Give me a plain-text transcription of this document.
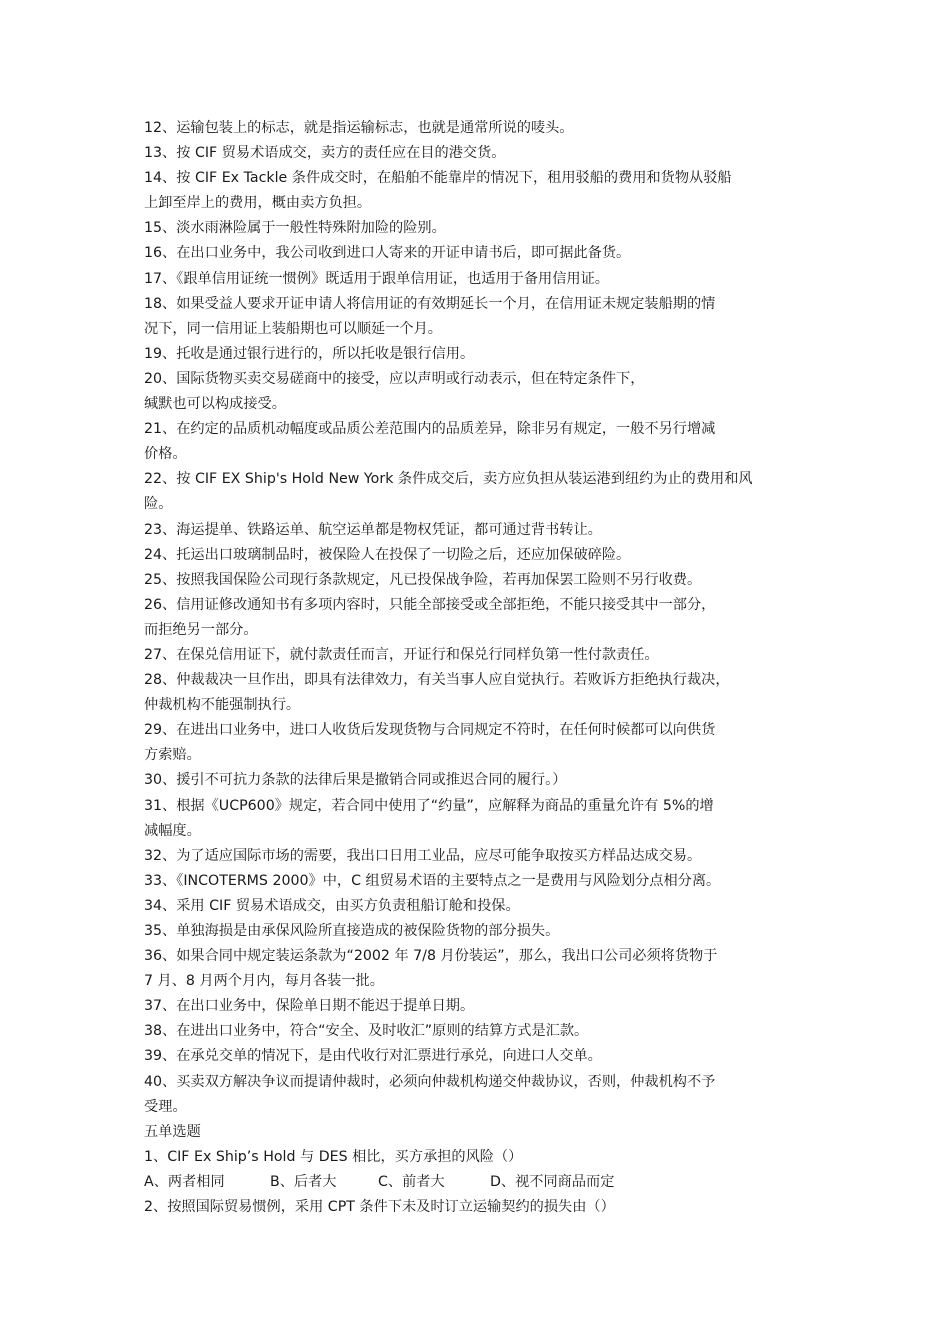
12、运输包装上的标志，就是指运输标志，也就是通常所说的唛头。
13、按 CIF 贸易术语成交，卖方的责任应在目的港交货。
14、按 CIF Ex Tackle 条件成交时，在船舶不能靠岸的情况下，租用驳船的费用和货物从驳船
上卸至岸上的费用，概由卖方负担。
15、淡水雨淋险属于一般性特殊附加险的险别。
16、在出口业务中，我公司收到进口人寄来的开证申请书后，即可据此备货。
17、《跟单信用证统一惯例》既适用于跟单信用证，也适用于备用信用证。
18、如果受益人要求开证申请人将信用证的有效期延长一个月，在信用证未规定装船期的情
况下，同一信用证上装船期也可以顺延一个月。
19、托收是通过银行进行的，所以托收是银行信用。
20、国际货物买卖交易磋商中的接受，应以声明或行动表示，但在特定条件下，
缄默也可以构成接受。
21、在约定的品质机动幅度或品质公差范围内的品质差异，除非另有规定，一般不另行增减
价格。
22、按 CIF EX Ship's Hold New York 条件成交后，卖方应负担从装运港到纽约为止的费用和风
险。
23、海运提单、铁路运单、航空运单都是物权凭证，都可通过背书转让。
24、托运出口玻璃制品时，被保险人在投保了一切险之后，还应加保破碎险。
25、按照我国保险公司现行条款规定，凡已投保战争险，若再加保罢工险则不另行收费。
26、信用证修改通知书有多项内容时，只能全部接受或全部拒绝，不能只接受其中一部分，
而拒绝另一部分。
27、在保兑信用证下，就付款责任而言，开证行和保兑行同样负第一性付款责任。
28、仲裁裁决一旦作出，即具有法律效力，有关当事人应自觉执行。若败诉方拒绝执行裁决，
仲裁机构不能强制执行。
29、在进出口业务中，进口人收货后发现货物与合同规定不符时，在任何时候都可以向供货
方索赔。
30、援引不可抗力条款的法律后果是撤销合同或推迟合同的履行。）
31、根据《UCP600》规定，若合同中使用了“约量”，应解释为商品的重量允许有 5%的增
减幅度。
32、为了适应国际市场的需要，我出口日用工业品，应尽可能争取按买方样品达成交易。
33、《INCOTERMS 2000》中，C 组贸易术语的主要特点之一是费用与风险划分点相分离。
34、采用 CIF 贸易术语成交，由买方负责租船订舱和投保。
35、单独海损是由承保风险所直接造成的被保险货物的部分损失。
36、如果合同中规定装运条款为“2002 年 7/8 月份装运”，那么，我出口公司必须将货物于
7 月、8 月两个月内，每月各装一批。
37、在出口业务中，保险单日期不能迟于提单日期。
38、在进出口业务中，符合“安全、及时收汇”原则的结算方式是汇款。
39、在承兑交单的情况下，是由代收行对汇票进行承兑，向进口人交单。
40、买卖双方解决争议而提请仲裁时，必须向仲裁机构递交仲裁协议，否则，仲裁机构不予
受理。
五单选题
1、CIF Ex Ship’s Hold 与 DES 相比，买方承担的风险（）
A、两者相同	B、后者大	C、前者大	D、视不同商品而定
2、按照国际贸易惯例，采用 CPT 条件下未及时订立运输契约的损失由（）
